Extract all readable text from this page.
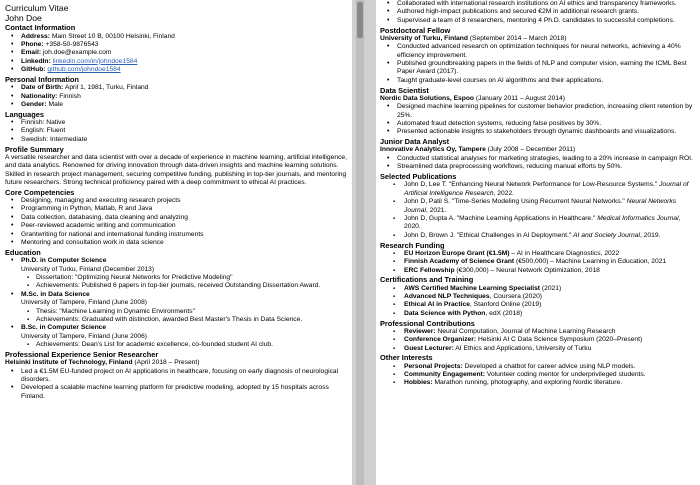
Curriculum Vitae
John Doe
Contact Information
• Address: Main Street 10 B, 00100 Helsinki, Finland
• Phone: +358-50-9876543
• Email: joh.doe@example.com
• LinkedIn: linkedin.com/in/johndoe1584
• GitHub: github.com/johndoe1584
Personal Information
• Date of Birth: April 1, 1981, Turku, Finland
• Nationality: Finnish
• Gender: Male
Languages
• Finnish: Native
• English: Fluent
• Swedish: Intermediate
Profile Summary
A versatile researcher and data scientist with over a decade of experience in machine learning, artificial intelligence, and data analytics. Renowned for driving innovation through data-driven insights and machine learning solutions. Skilled in research project management, securing competitive funding, publishing in top-tier journals, and mentoring future researchers. Strong technical proficiency paired with a deep commitment to ethical AI practices.
Core Competencies
• Designing, managing and executing research projects
• Programming in Python, Matlab, R and Java
• Data collection, databasing, data cleaning and analyzing
• Peer-reviewed academic writing and communication
• Grantwriting for national and international funding instruments
• Mentoring and consultation work in data science
Education
• Ph.D. in Computer Science
University of Turku, Finland (December 2013)
▪ Dissertation: "Optimizing Neural Networks for Predictive Modeling"
▪ Achievements: Published 6 papers in top-tier journals, received Outstanding Dissertation Award.
• M.Sc. in Data Science
University of Tampere, Finland (June 2008)
▪ Thesis: "Machine Learning in Dynamic Environments"
▪ Achievements: Graduated with distinction, awarded Best Master's Thesis in Data Science.
• B.Sc. in Computer Science
University of Tampere, Finland (June 2006)
▪ Achievements: Dean's List for academic excellence, co-founded student AI club.
Professional Experience Senior Researcher
Helsinki Institute of Technology, Finland (April 2018 – Present)
• Led a €1.5M EU-funded project on AI applications in healthcare, focusing on early diagnosis of neurological disorders.
• Developed a scalable machine learning platform for predictive modeling, adopted by 15 hospitals across Finland.
• Collaborated with international research institutions on AI ethics and transparency frameworks.
• Authored high-impact publications and secured €2M in additional research grants.
• Supervised a team of 8 researchers, mentoring 4 Ph.D. candidates to successful completions.
Postdoctoral Fellow
University of Turku, Finland (September 2014 – March 2018)
• Conducted advanced research on optimization techniques for neural networks, achieving a 40% efficiency improvement.
• Published groundbreaking papers in the fields of NLP and computer vision, earning the ICML Best Paper Award (2017).
• Taught graduate-level courses on AI algorithms and their applications.
Data Scientist
Nordic Data Solutions, Espoo (January 2011 – August 2014)
• Designed machine learning pipelines for customer behavior prediction, increasing client retention by 25%.
• Automated fraud detection systems, reducing false positives by 30%.
• Presented actionable insights to stakeholders through dynamic dashboards and visualizations.
Junior Data Analyst
Innovative Analytics Oy, Tampere (July 2008 – December 2011)
• Conducted statistical analyses for marketing strategies, leading to a 20% increase in campaign ROI.
• Streamlined data preprocessing workflows, reducing manual efforts by 50%.
Selected Publications
▪ John D, Lee T. "Enhancing Neural Network Performance for Low-Resource Systems." Journal of Artificial Intelligence Research, 2022.
▪ John D, Patil S. "Time-Series Modeling Using Recurrent Neural Networks." Neural Networks Journal, 2021.
▪ John D, Gupta A. "Machine Learning Applications in Healthcare." Medical Informatics Journal, 2020.
▪ John D, Brown J. "Ethical Challenges in AI Deployment." AI and Society Journal, 2019.
Research Funding
▪ EU Horizon Europe Grant (€1.5M) – AI in Healthcare Diagnostics, 2022
▪ Finnish Academy of Science Grant (€500,000) – Machine Learning in Education, 2021
▪ ERC Fellowship (€300,000) – Neural Network Optimization, 2018
Certifications and Training
▪ AWS Certified Machine Learning Specialist (2021)
▪ Advanced NLP Techniques, Coursera (2020)
▪ Ethical AI in Practice, Stanford Online (2019)
▪ Data Science with Python, edX (2018)
Professional Contributions
▪ Reviewer: Neural Computation, Journal of Machine Learning Research
▪ Conference Organizer: Helsinki AI C Data Science Symposium (2020–Present)
▪ Guest Lecturer: AI Ethics and Applications, University of Turku
Other Interests
▪ Personal Projects: Developed a chatbot for career advice using NLP models.
▪ Community Engagement: Volunteer coding mentor for underprivileged students.
▪ Hobbies: Marathon running, photography, and exploring Nordic literature.
